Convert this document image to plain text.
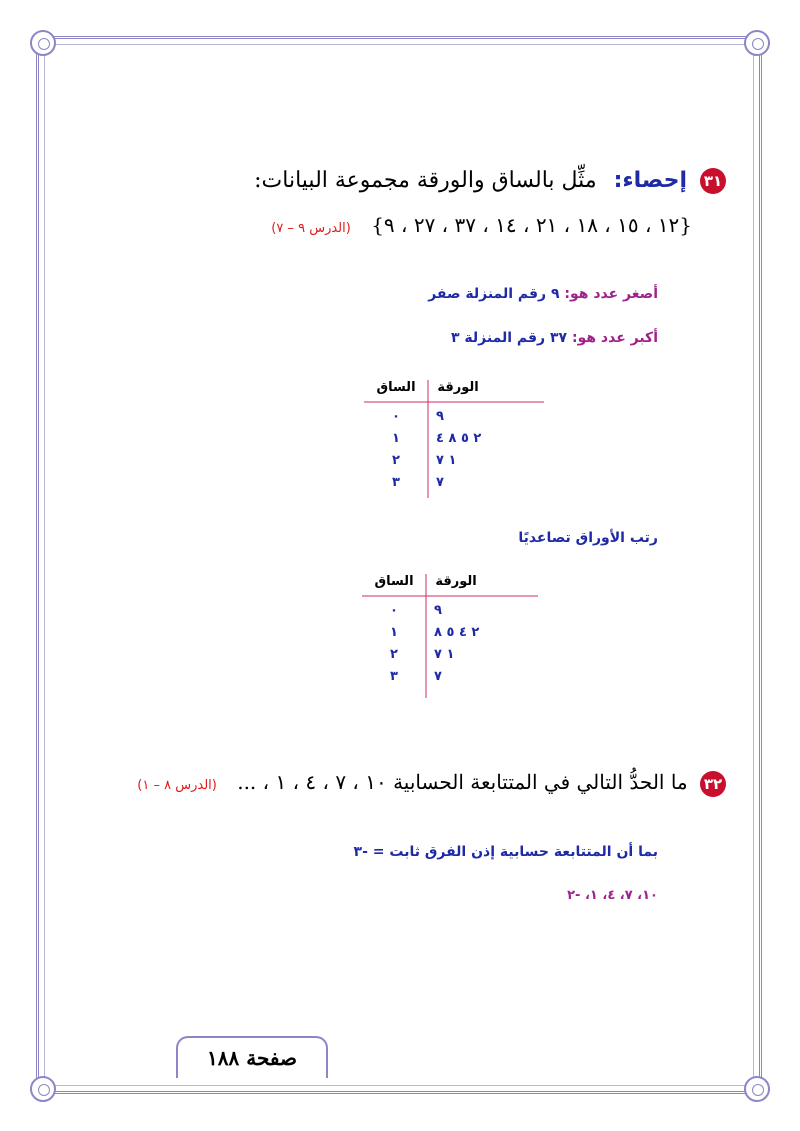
٣١ إحصاء: مثِّل بالساق والورقة مجموعة البيانات:
{١٢ ، ١٥ ، ١٨ ، ٢١ ، ١٤ ، ٣٧ ، ٢٧ ، ٩} (الدرس ٩ – ٧)
أصغر عدد هو: ٩ رقم المنزلة صفر
أكبر عدد هو: ٣٧ رقم المنزلة ٣
الساق	الورقة
٠
١
٢
٣
٩
٢ ٥ ٨ ٤
١ ٧
٧
رتب الأوراق تصاعديًا
الساق	الورقة
٠
١
٢
٣
٩
٢ ٤ ٥ ٨
١ ٧
٧
٣٢ ما الحدُّ التالي في المتتابعة الحسابية ١٠ ، ٧ ، ٤ ، ١ ، ... (الدرس ٨ – ١)
بما أن المتتابعة حسابية إذن الفرق ثابت = -٣
١٠، ٧، ٤، ١، -٢
صفحة ١٨٨
